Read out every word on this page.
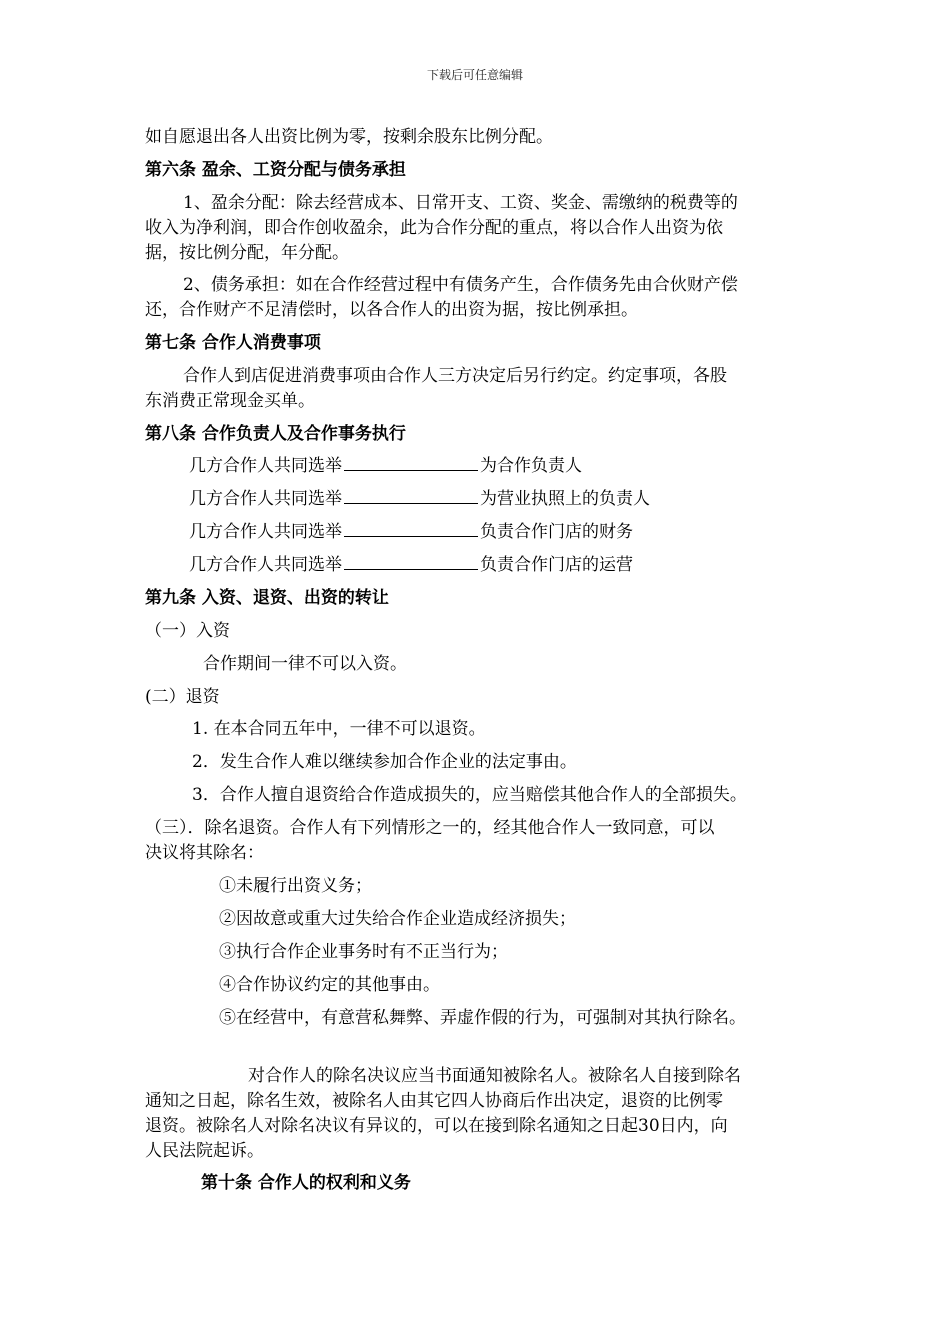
下载后可任意编辑
如自愿退出各人出资比例为零，按剩余股东比例分配。
第六条 盈余、工资分配与债务承担
1、盈余分配：除去经营成本、日常开支、工资、奖金、需缴纳的税费等的
收入为净利润，即合作创收盈余，此为合作分配的重点，将以合作人出资为依
据，按比例分配，年分配。
2、债务承担：如在合作经营过程中有债务产生，合作债务先由合伙财产偿
还，合作财产不足清偿时，以各合作人的出资为据，按比例承担。
第七条 合作人消费事项
合作人到店促进消费事项由合作人三方决定后另行约定。约定事项，各股
东消费正常现金买单。
第八条 合作负责人及合作事务执行
几方合作人共同选举	为合作负责人
几方合作人共同选举	为营业执照上的负责人
几方合作人共同选举	负责合作门店的财务
几方合作人共同选举	负责合作门店的运营
第九条 入资、退资、出资的转让
（一）入资
合作期间一律不可以入资。
(二）退资
1. 在本合同五年中，一律不可以退资。
2．发生合作人难以继续参加合作企业的法定事由。
3．合作人擅自退资给合作造成损失的，应当赔偿其他合作人的全部损失。
（三）．除名退资。合作人有下列情形之一的，经其他合作人一致同意，可以
决议将其除名：
①未履行出资义务；
②因故意或重大过失给合作企业造成经济损失；
③执行合作企业事务时有不正当行为；
④合作协议约定的其他事由。
⑤在经营中，有意营私舞弊、弄虚作假的行为，可强制对其执行除名。
对合作人的除名决议应当书面通知被除名人。被除名人自接到除名
通知之日起，除名生效，被除名人由其它四人协商后作出决定，退资的比例零
退资。被除名人对除名决议有异议的，可以在接到除名通知之日起30日内，向
人民法院起诉。
第十条 合作人的权利和义务
